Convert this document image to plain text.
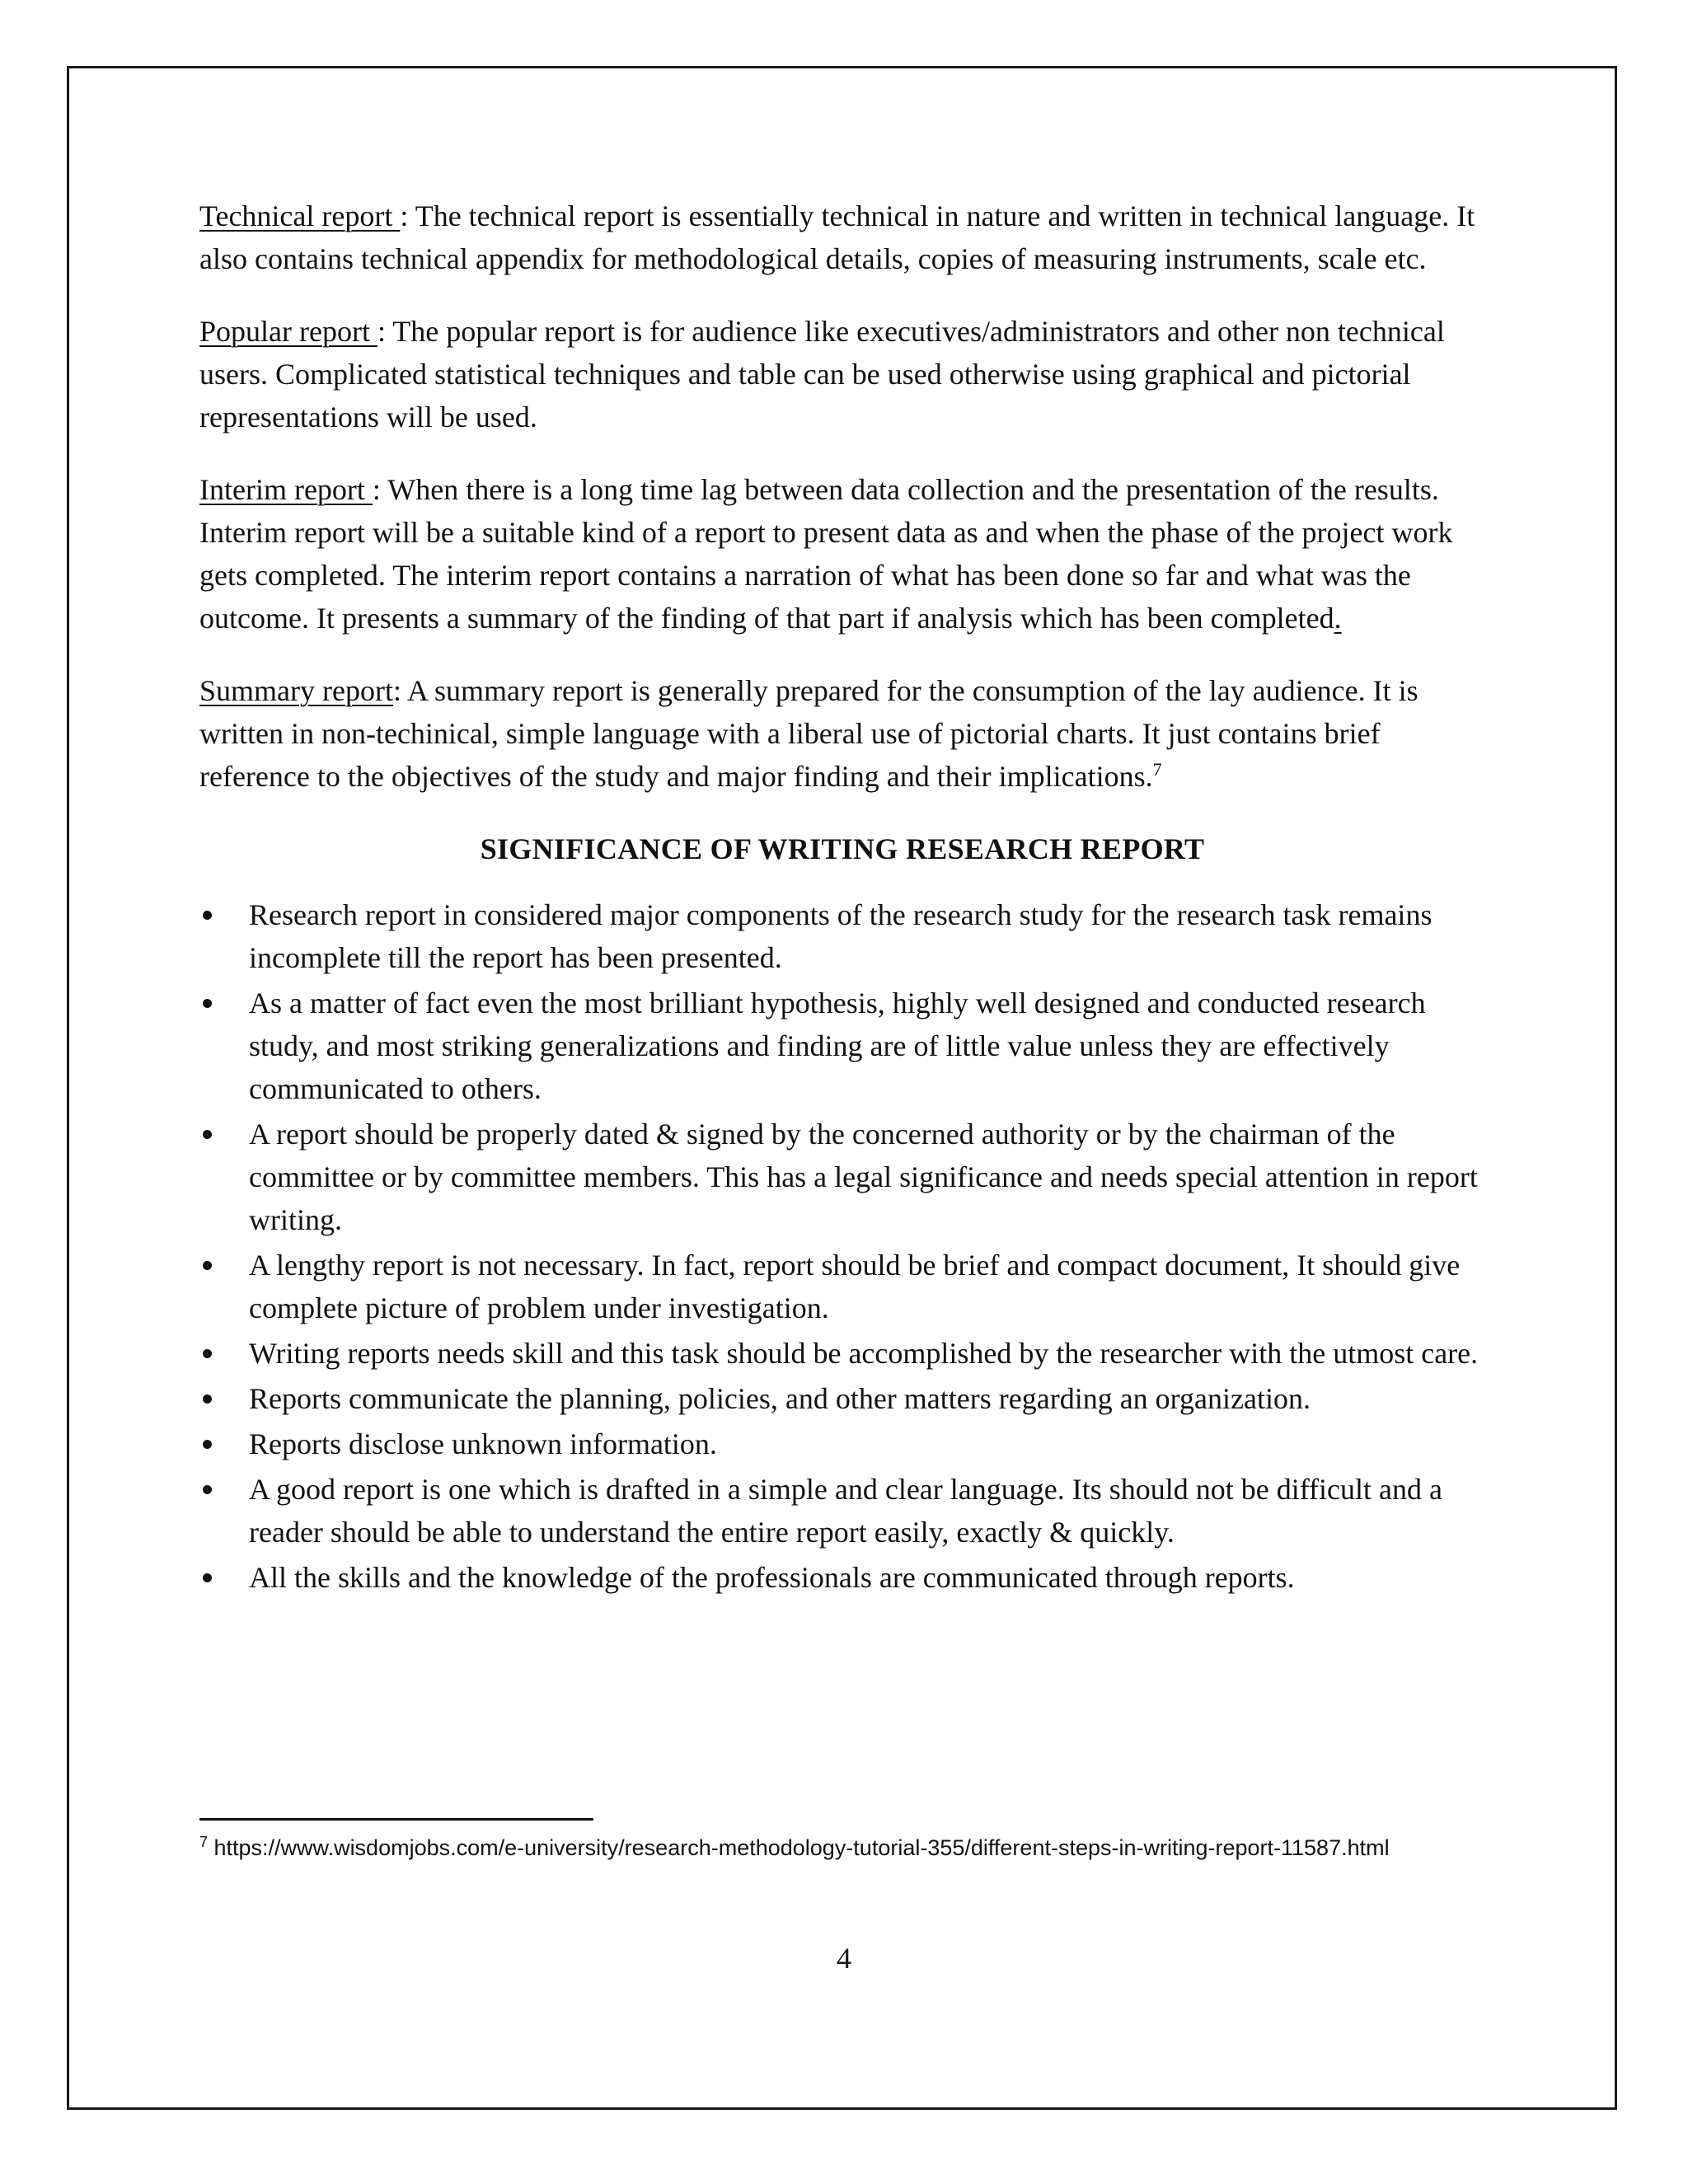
Technical report : The technical report is essentially technical in nature and written in technical language. It also contains technical appendix for methodological details, copies of measuring instruments, scale etc.

Popular report : The popular report is for audience like executives/administrators and other non technical users. Complicated statistical techniques and table can be used otherwise using graphical and pictorial representations will be used.

Interim report : When there is a long time lag between data collection and the presentation of the results. Interim report will be a suitable kind of a report to present data as and when the phase of the project work gets completed. The interim report contains a narration of what has been done so far and what was the outcome. It presents a summary of the finding of that part if analysis which has been completed.

Summary report: A summary report is generally prepared for the consumption of the lay audience. It is written in non-techinical, simple language with a liberal use of pictorial charts. It just contains brief reference to the objectives of the study and major finding and their implications.$^7$

SIGNIFICANCE OF WRITING RESEARCH REPORT
Research report in considered major components of the research study for the research task remains incomplete till the report has been presented.
As a matter of fact even the most brilliant hypothesis, highly well designed and conducted research study, and most striking generalizations and finding are of little value unless they are effectively communicated to others.
A report should be properly dated & signed by the concerned authority or by the chairman of the committee or by committee members. This has a legal significance and needs special attention in report writing.
A lengthy report is not necessary. In fact, report should be brief and compact document, It should give complete picture of problem under investigation.
Writing reports needs skill and this task should be accomplished by the researcher with the utmost care.
Reports communicate the planning, policies, and other matters regarding an organization.
Reports disclose unknown information.
A good report is one which is drafted in a simple and clear language. Its should not be difficult and a reader should be able to understand the entire report easily, exactly & quickly.
All the skills and the knowledge of the professionals are communicated through reports.
$^7$ https://www.wisdomjobs.com/e-university/research-methodology-tutorial-355/different-steps-in-writing-report-11587.html
4
